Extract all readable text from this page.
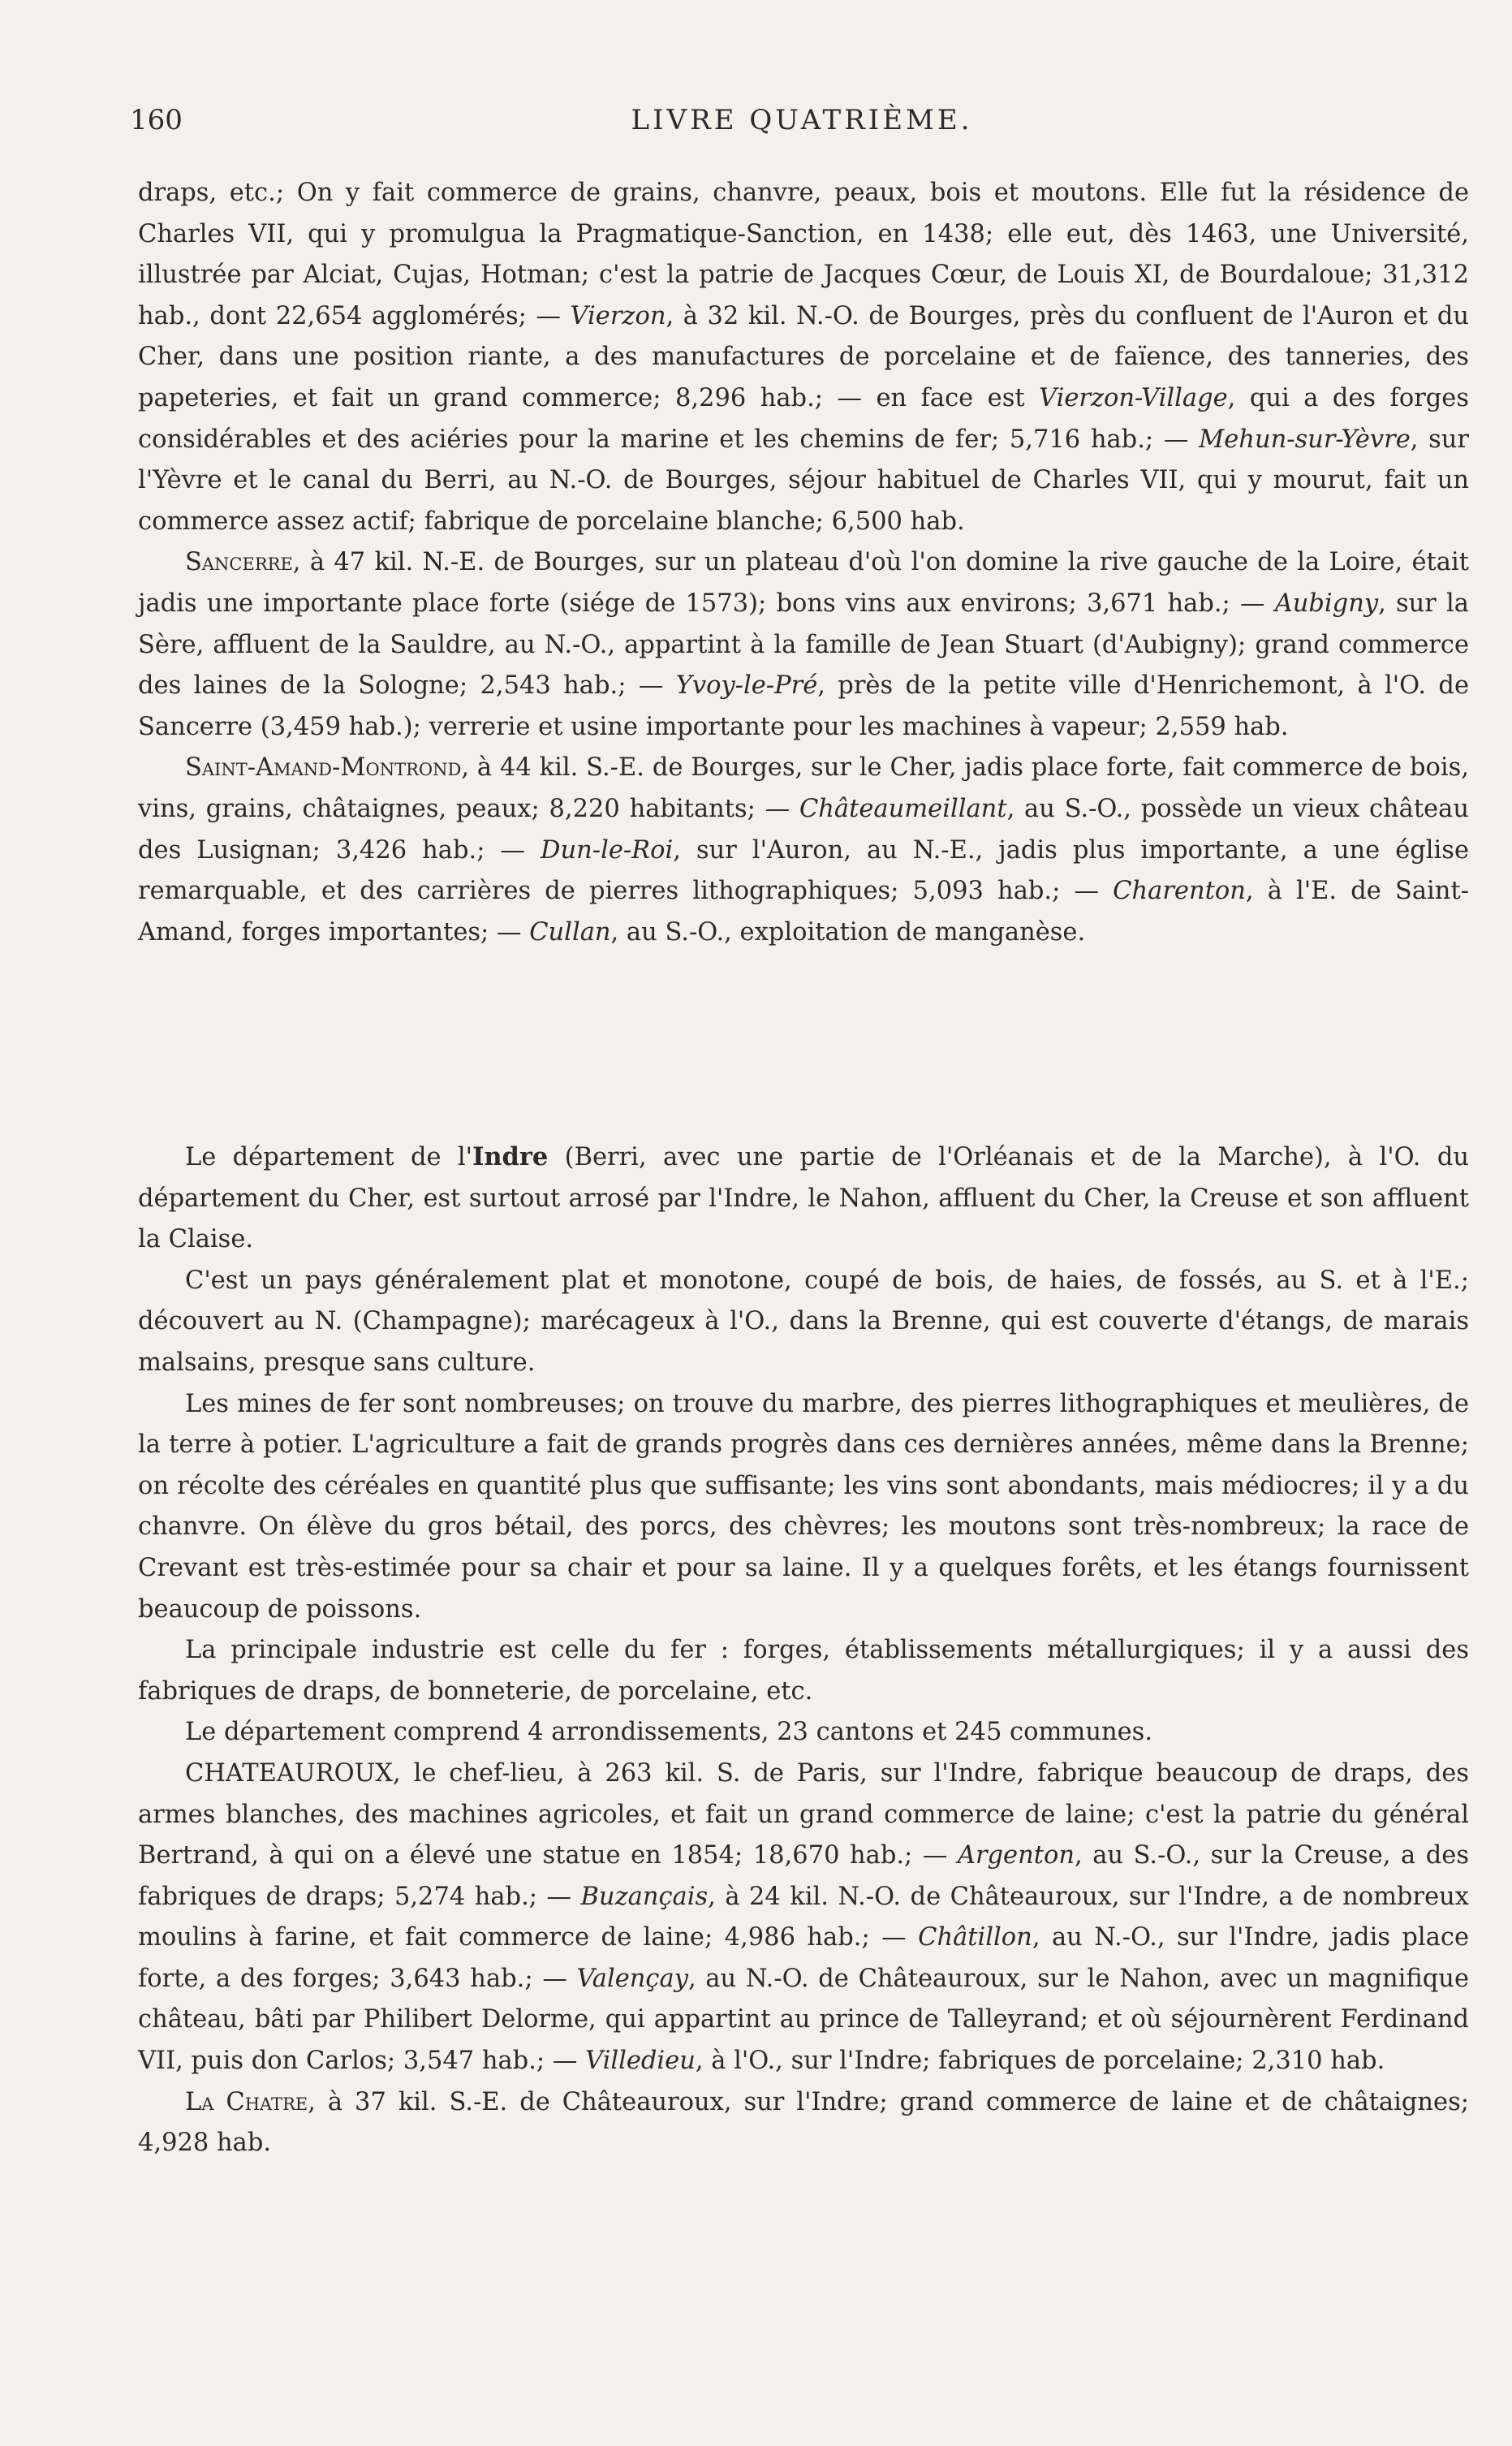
160	LIVRE QUATRIÈME.

draps, etc.; On y fait commerce de grains, chanvre, peaux, bois et moutons. Elle fut la résidence de Charles VII, qui y promulgua la Pragmatique-Sanction, en 1438; elle eut, dès 1463, une Université, illustrée par Alciat, Cujas, Hotman; c'est la patrie de Jacques Cœur, de Louis XI, de Bourdaloue; 31,312 hab., dont 22,654 agglomérés; — Vierzon, à 32 kil. N.-O. de Bourges, près du confluent de l'Auron et du Cher, dans une position riante, a des manufactures de porcelaine et de faïence, des tanneries, des papeteries, et fait un grand commerce; 8,296 hab.; — en face est Vierzon-Village, qui a des forges considérables et des aciéries pour la marine et les chemins de fer; 5,716 hab.; — Mehun-sur-Yèvre, sur l'Yèvre et le canal du Berri, au N.-O. de Bourges, séjour habituel de Charles VII, qui y mourut, fait un commerce assez actif; fabrique de porcelaine blanche; 6,500 hab.

Sancerre, à 47 kil. N.-E. de Bourges, sur un plateau d'où l'on domine la rive gauche de la Loire, était jadis une importante place forte (siége de 1573); bons vins aux environs; 3,671 hab.; — Aubigny, sur la Sère, affluent de la Sauldre, au N.-O., appartint à la famille de Jean Stuart (d'Aubigny); grand commerce des laines de la Sologne; 2,543 hab.; — Yvoy-le-Pré, près de la petite ville d'Henrichemont, à l'O. de Sancerre (3,459 hab.); verrerie et usine importante pour les machines à vapeur; 2,559 hab.

Saint-Amand-Montrond, à 44 kil. S.-E. de Bourges, sur le Cher, jadis place forte, fait commerce de bois, vins, grains, châtaignes, peaux; 8,220 habitants; — Châteaumeillant, au S.-O., possède un vieux château des Lusignan; 3,426 hab.; — Dun-le-Roi, sur l'Auron, au N.-E., jadis plus importante, a une église remarquable, et des carrières de pierres lithographiques; 5,093 hab.; — Charenton, à l'E. de Saint-Amand, forges importantes; — Cullan, au S.-O., exploitation de manganèse.

Le département de l'Indre (Berri, avec une partie de l'Orléanais et de la Marche), à l'O. du département du Cher, est surtout arrosé par l'Indre, le Nahon, affluent du Cher, la Creuse et son affluent la Claise.

C'est un pays généralement plat et monotone, coupé de bois, de haies, de fossés, au S. et à l'E.; découvert au N. (Champagne); marécageux à l'O., dans la Brenne, qui est couverte d'étangs, de marais malsains, presque sans culture.

Les mines de fer sont nombreuses; on trouve du marbre, des pierres lithographiques et meulières, de la terre à potier. L'agriculture a fait de grands progrès dans ces dernières années, même dans la Brenne; on récolte des céréales en quantité plus que suffisante; les vins sont abondants, mais médiocres; il y a du chanvre. On élève du gros bétail, des porcs, des chèvres; les moutons sont très-nombreux; la race de Crevant est très-estimée pour sa chair et pour sa laine. Il y a quelques forêts, et les étangs fournissent beaucoup de poissons.

La principale industrie est celle du fer : forges, établissements métallurgiques; il y a aussi des fabriques de draps, de bonneterie, de porcelaine, etc.

Le département comprend 4 arrondissements, 23 cantons et 245 communes.

CHATEAUROUX, le chef-lieu, à 263 kil. S. de Paris, sur l'Indre, fabrique beaucoup de draps, des armes blanches, des machines agricoles, et fait un grand commerce de laine; c'est la patrie du général Bertrand, à qui on a élevé une statue en 1854; 18,670 hab.; — Argenton, au S.-O., sur la Creuse, a des fabriques de draps; 5,274 hab.; — Buzançais, à 24 kil. N.-O. de Châteauroux, sur l'Indre, a de nombreux moulins à farine, et fait commerce de laine; 4,986 hab.; — Châtillon, au N.-O., sur l'Indre, jadis place forte, a des forges; 3,643 hab.; — Valençay, au N.-O. de Châteauroux, sur le Nahon, avec un magnifique château, bâti par Philibert Delorme, qui appartint au prince de Talleyrand; et où séjournèrent Ferdinand VII, puis don Carlos; 3,547 hab.; — Villedieu, à l'O., sur l'Indre; fabriques de porcelaine; 2,310 hab.

La Chatre, à 37 kil. S.-E. de Châteauroux, sur l'Indre; grand commerce de laine et de châtaignes; 4,928 hab.
